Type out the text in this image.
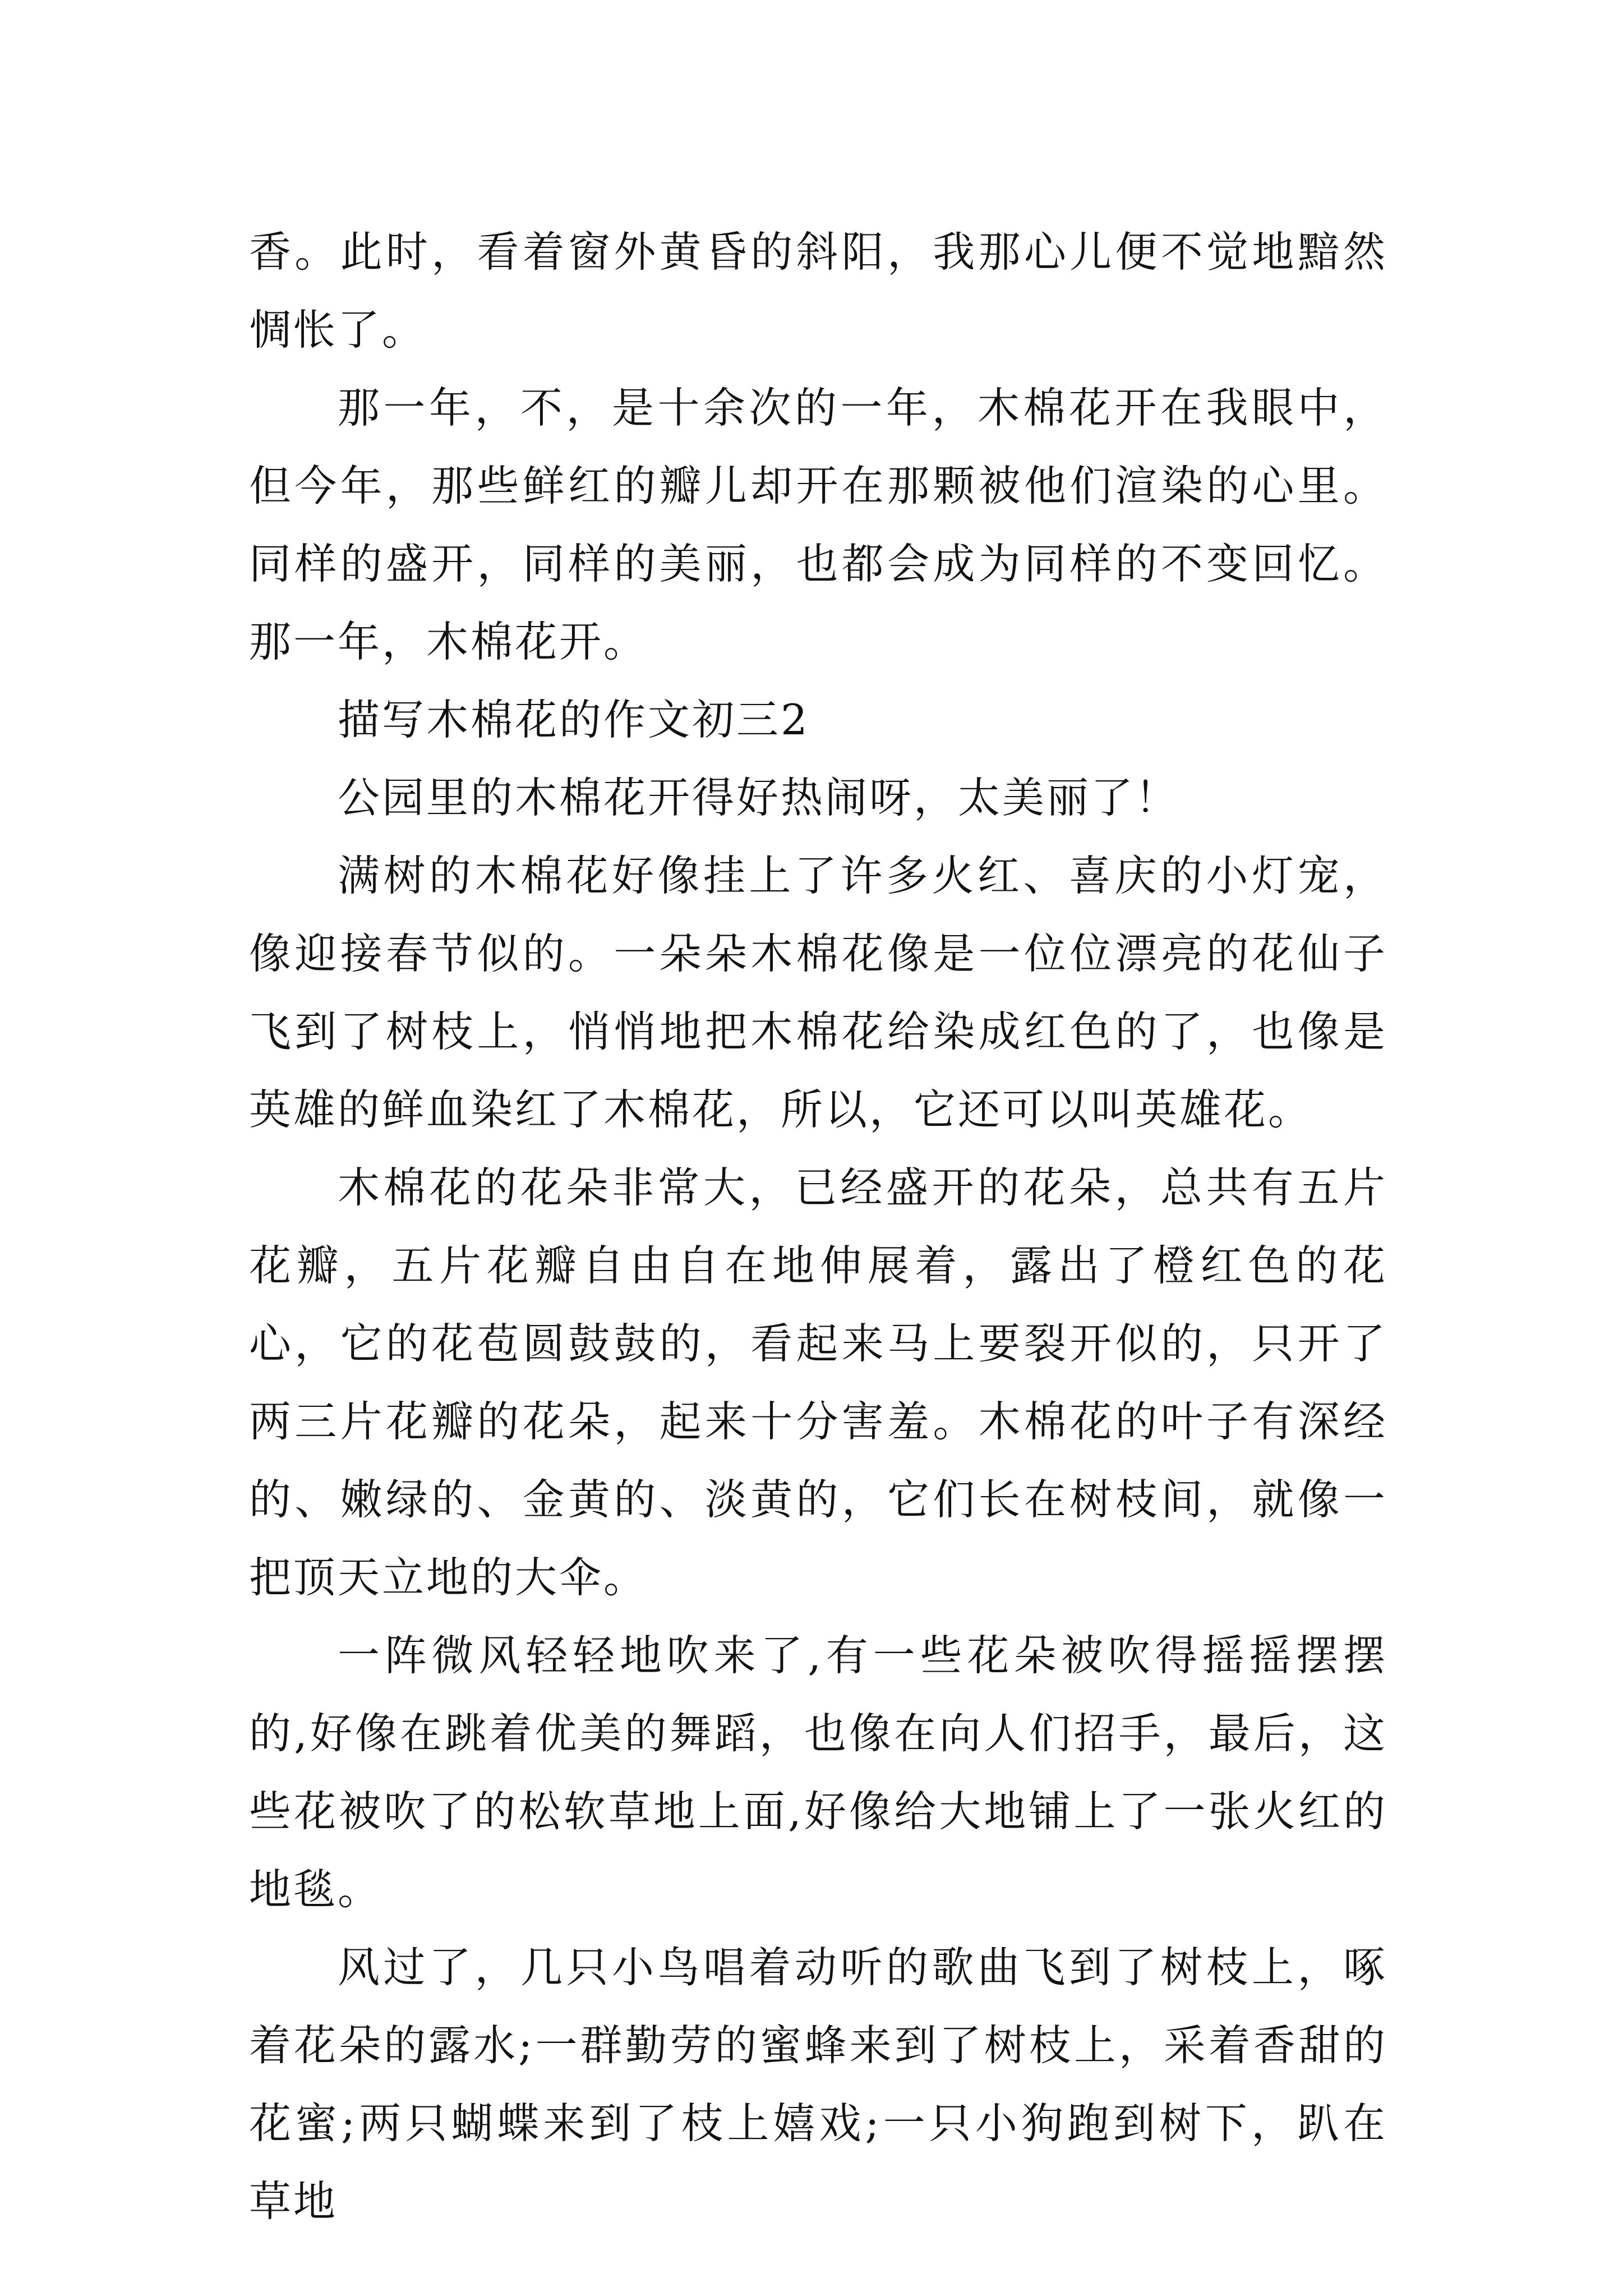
香。此时，看着窗外黄昏的斜阳，我那心儿便不觉地黯然惆怅了。

那一年，不，是十余次的一年，木棉花开在我眼中，但今年，那些鲜红的瓣儿却开在那颗被他们渲染的心里。同样的盛开，同样的美丽，也都会成为同样的不变回忆。那一年，木棉花开。

描写木棉花的作文初三2

公园里的木棉花开得好热闹呀，太美丽了！

满树的木棉花好像挂上了许多火红、喜庆的小灯宠，像迎接春节似的。一朵朵木棉花像是一位位漂亮的花仙子飞到了树枝上，悄悄地把木棉花给染成红色的了，也像是英雄的鲜血染红了木棉花，所以，它还可以叫英雄花。

木棉花的花朵非常大，已经盛开的花朵，总共有五片花瓣，五片花瓣自由自在地伸展着，露出了橙红色的花心，它的花苞圆鼓鼓的，看起来马上要裂开似的，只开了两三片花瓣的花朵，起来十分害羞。木棉花的叶子有深经的、嫩绿的、金黄的、淡黄的，它们长在树枝间，就像一把顶天立地的大伞。

一阵微风轻轻地吹来了,有一些花朵被吹得摇摇摆摆的,好像在跳着优美的舞蹈，也像在向人们招手，最后，这些花被吹了的松软草地上面,好像给大地铺上了一张火红的地毯。

风过了，几只小鸟唱着动听的歌曲飞到了树枝上，啄着花朵的露水;一群勤劳的蜜蜂来到了树枝上，采着香甜的花蜜;两只蝴蝶来到了枝上嬉戏;一只小狗跑到树下，趴在草地
